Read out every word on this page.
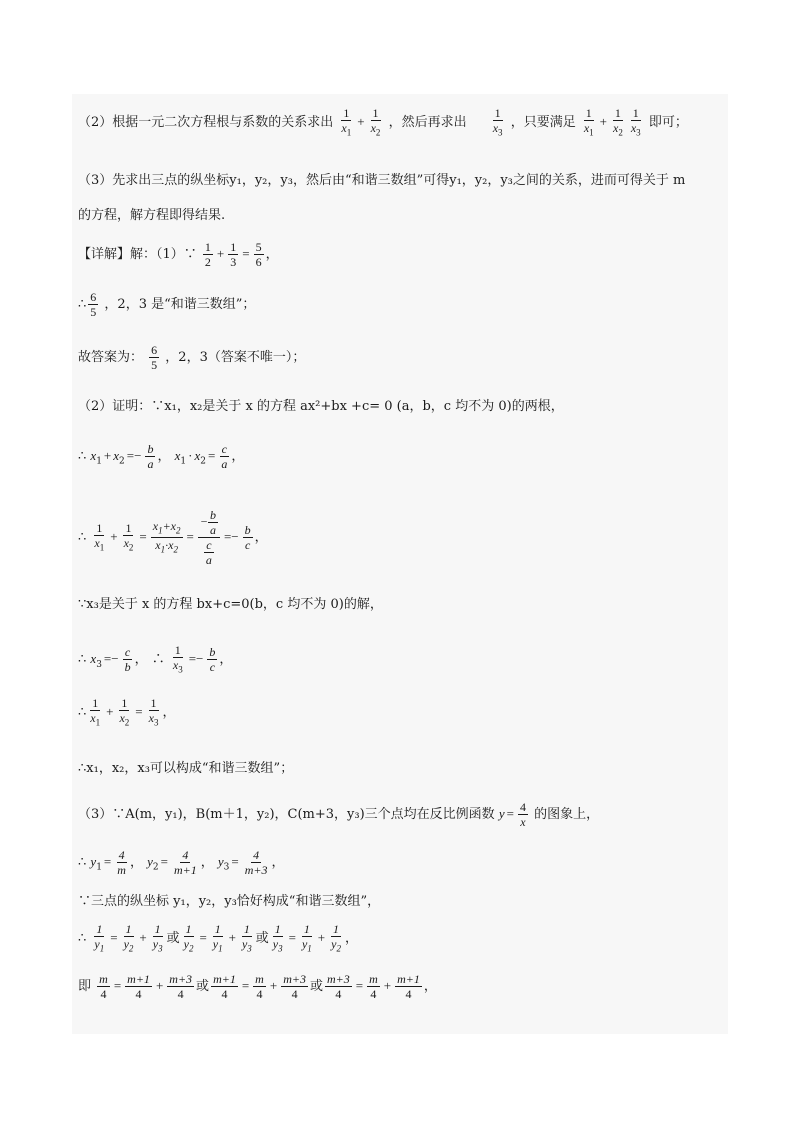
（2）根据一元二次方程根与系数的关系求出 $\frac{1}{x_1} + \frac{1}{x_2}$ ，然后再求出 $\frac{1}{x_3}$ ，只要满足 $\frac{1}{x_1} + \frac{1}{x_2} \frac{1}{x_3}$ 即可；
（3）先求出三点的纵坐标y₁，y₂，y₃，然后由“和谐三数组”可得y₁，y₂，y₃之间的关系，进而可得关于 m
的方程，解方程即得结果.
【详解】解：（1）∵ $\frac{1}{2} + \frac{1}{3} = \frac{5}{6}$ ，
∴ $\frac{6}{5}$ ，2，3 是“和谐三数组”；
故答案为： $\frac{6}{5}$ ，2，3（答案不唯一）；
（2）证明：∵x₁，x₂是关于 x 的方程 ax²+bx +c= 0 (a，b，c 均不为 0)的两根，
∴ $x_1 + x_2 =- \frac{b}{a}$ ， $x_1 \cdot x_2 = \frac{c}{a}$ ，
∴ $\frac{1}{x_1} + \frac{1}{x_2} = \frac{x_1+x_2}{x_1\cdot x_2} = \frac{- \frac{b}{a}}{\frac{c}{a}} =- \frac{b}{c}$ ，
∵x₃是关于 x 的方程 bx+c=0(b，c 均不为 0)的解，
∴ $x_3 =- \frac{c}{b}$ ， ∴ $\frac{1}{x_3} =- \frac{b}{c}$ ，
∴ $\frac{1}{x_1} + \frac{1}{x_2} = \frac{1}{x_3}$ ，
∴x₁，x₂，x₃可以构成“和谐三数组”；
（3）∵A(m，y₁)，B(m＋1，y₂)，C(m+3，y₃)三个点均在反比例函数 $y = \frac{4}{x}$ 的图象上，
∴ $y_1 = \frac{4}{m}$ ， $y_2 = \frac{4}{m+1}$ ， $y_3 = \frac{4}{m+3}$ ，
∵三点的纵坐标 y₁，y₂，y₃恰好构成“和谐三数组”，
∴ $\frac{1}{y_1} = \frac{1}{y_2} + \frac{1}{y_3}$ 或 $\frac{1}{y_2} = \frac{1}{y_1} + \frac{1}{y_3}$ 或 $\frac{1}{y_3} = \frac{1}{y_1} + \frac{1}{y_2}$ ，
即 $\frac{m}{4} = \frac{m+1}{4} + \frac{m+3}{4}$ 或 $\frac{m+1}{4} = \frac{m}{4} + \frac{m+3}{4}$ 或 $\frac{m+3}{4} = \frac{m}{4} + \frac{m+1}{4}$ ，
